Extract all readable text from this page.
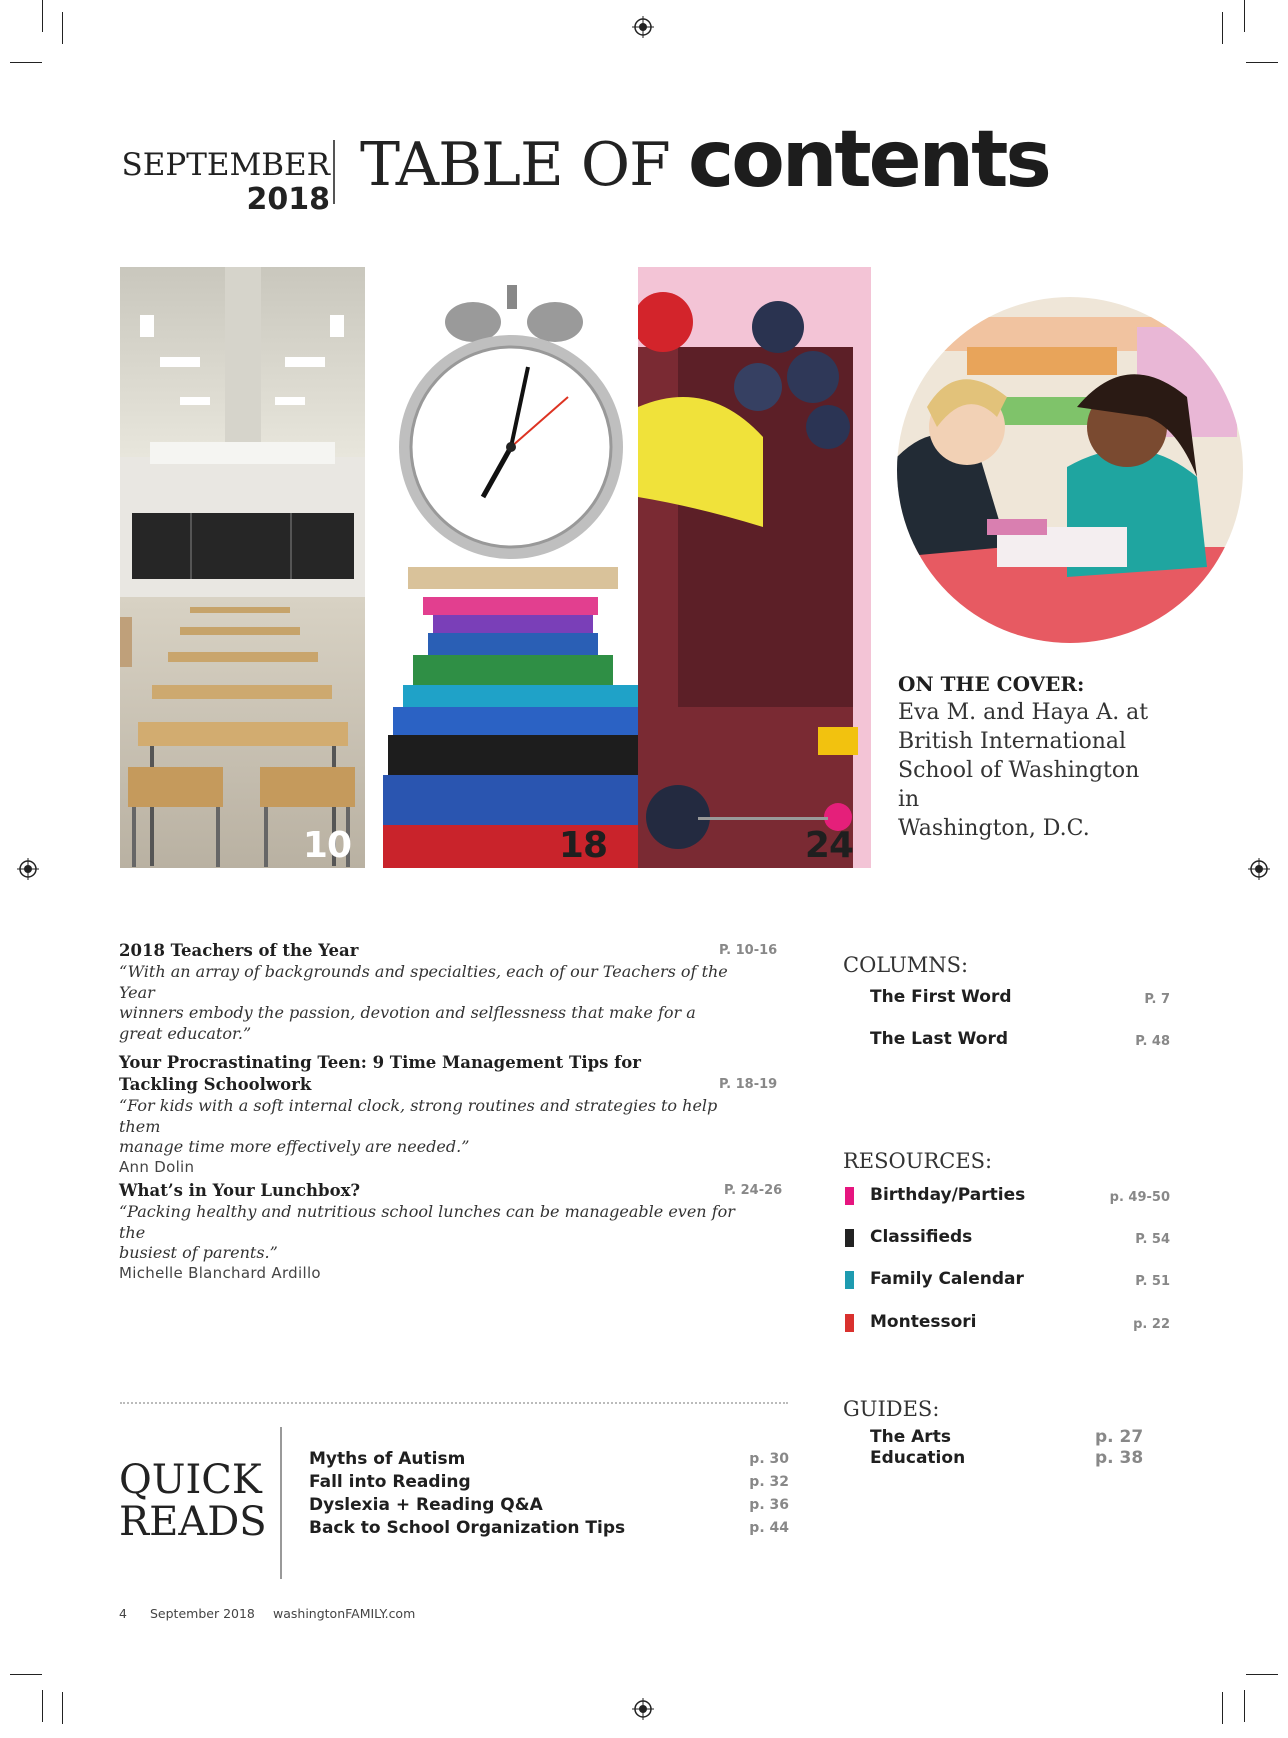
SEPTEMBER
2018 TABLE OF contents
10	18	24
ON THE COVER:
Eva M. and Haya A. at
British International
School of Washington in
Washington, D.C.
2018 Teachers of the Year	P. 10-16
“With an array of backgrounds and specialties, each of our Teachers of the Year
winners embody the passion, devotion and selflessness that make for a
great educator.”
Your Procrastinating Teen: 9 Time Management Tips for
Tackling Schoolwork	P. 18-19
“For kids with a soft internal clock, strong routines and strategies to help them
manage time more effectively are needed.”
Ann Dolin
What’s in Your Lunchbox?	P. 24-26
“Packing healthy and nutritious school lunches can be manageable even for the
busiest of parents.”
Michelle Blanchard Ardillo
COLUMNS:
The First Word	P. 7
The Last Word	P. 48
RESOURCES:
Birthday/Parties	p. 49-50
Classifieds	P. 54
Family Calendar	P. 51
Montessori	p. 22
GUIDES:
The Arts	p. 27
Education	p. 38
QUICK
READS
Myths of Autism	p. 30
Fall into Reading	p. 32
Dyslexia + Reading Q&A	p. 36
Back to School Organization Tips	p. 44
4 September 2018 washingtonFAMILY.com
